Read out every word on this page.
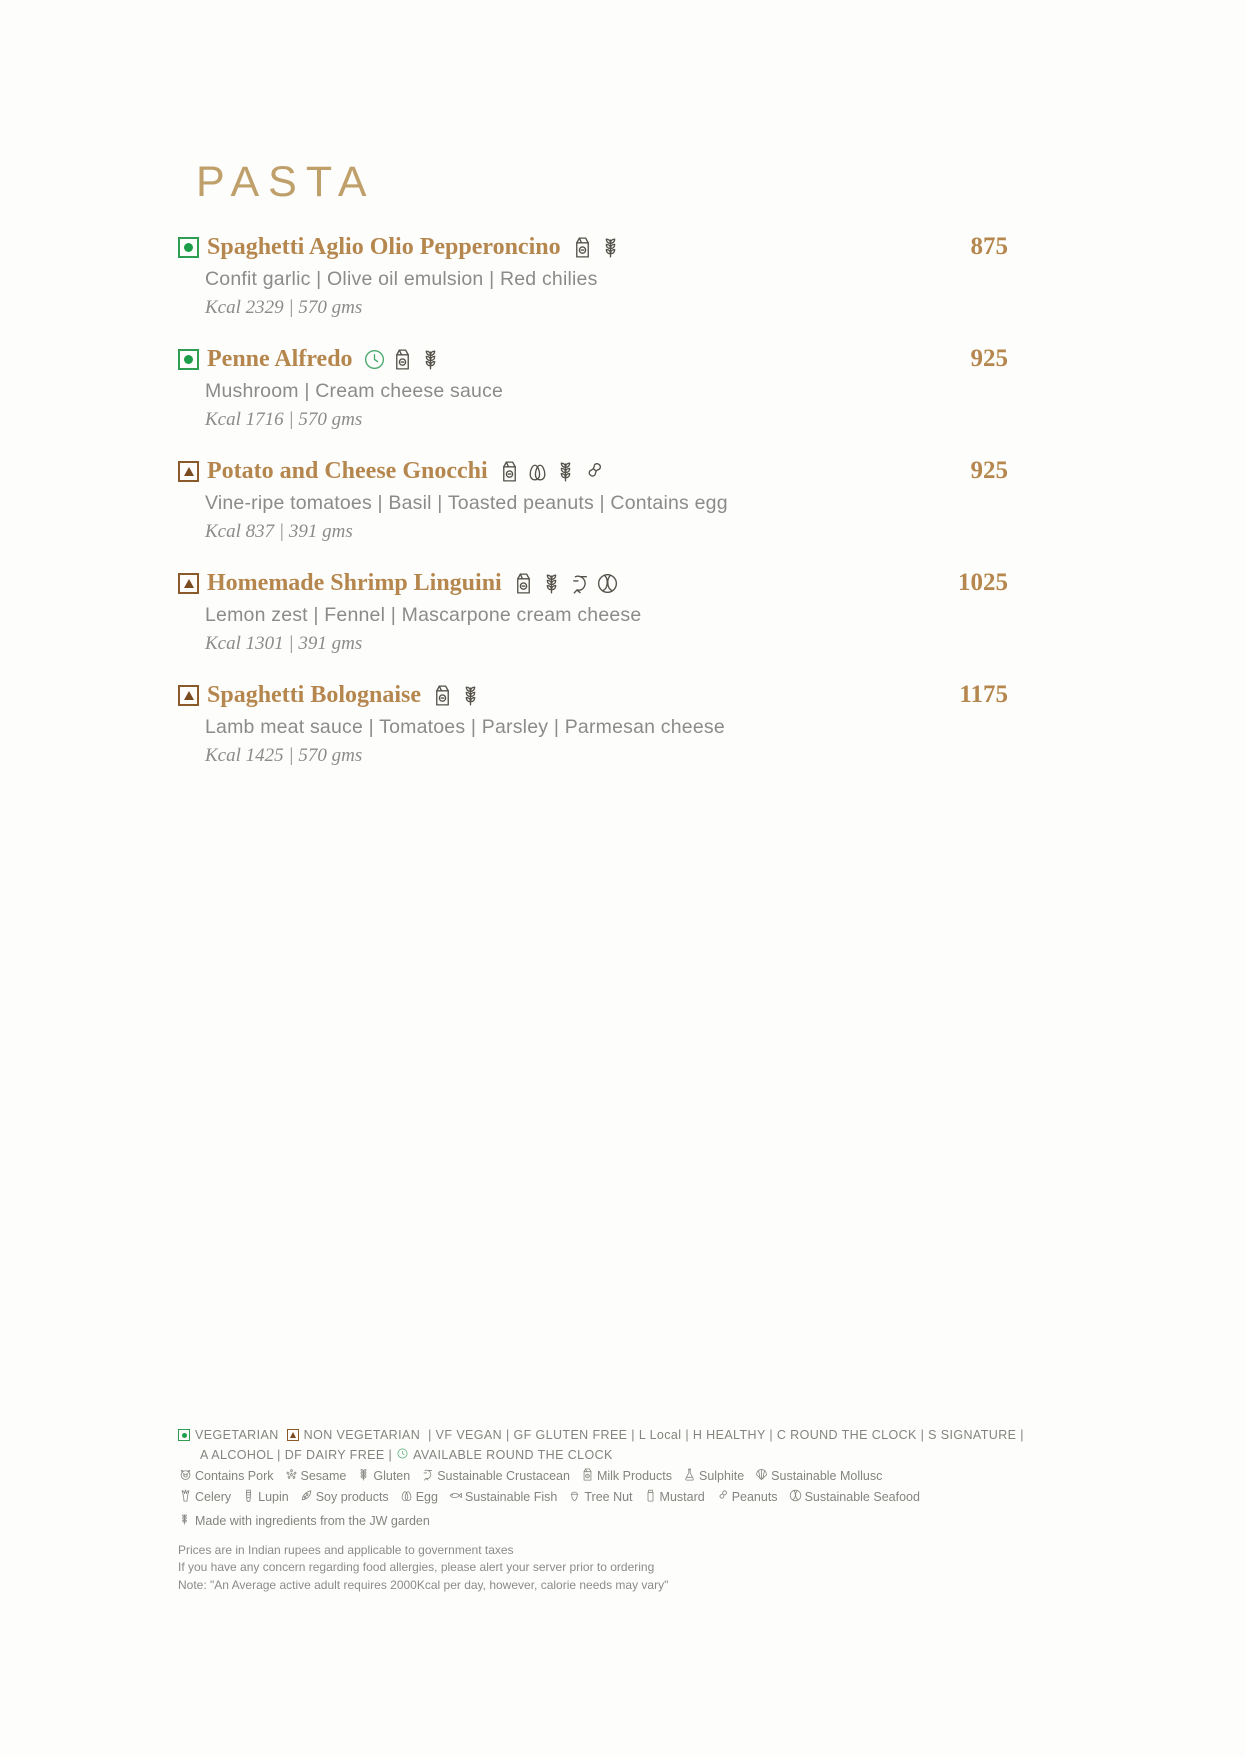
PASTA
Spaghetti Aglio Olio Pepperoncino	875
Confit garlic | Olive oil emulsion | Red chilies
Kcal 2329 | 570 gms
Penne Alfredo	925
Mushroom | Cream cheese sauce
Kcal 1716 | 570 gms
Potato and Cheese Gnocchi	925
Vine-ripe tomatoes | Basil | Toasted peanuts | Contains egg
Kcal 837 | 391 gms
Homemade Shrimp Linguini	1025
Lemon zest | Fennel | Mascarpone cream cheese
Kcal 1301 | 391 gms
Spaghetti Bolognaise	1175
Lamb meat sauce | Tomatoes | Parsley | Parmesan cheese
Kcal 1425 | 570 gms
VEGETARIAN NON VEGETARIAN | VF VEGAN | GF GLUTEN FREE | L Local | H HEALTHY | C ROUND THE CLOCK | S SIGNATURE |
A ALCOHOL | DF DAIRY FREE | AVAILABLE ROUND THE CLOCK
Contains Pork Sesame Gluten Sustainable Crustacean Milk Products Sulphite Sustainable Mollusc
Celery Lupin Soy products Egg Sustainable Fish Tree Nut Mustard Peanuts Sustainable Seafood
Made with ingredients from the JW garden
Prices are in Indian rupees and applicable to government taxes
If you have any concern regarding food allergies, please alert your server prior to ordering
Note: "An Average active adult requires 2000Kcal per day, however, calorie needs may vary"
